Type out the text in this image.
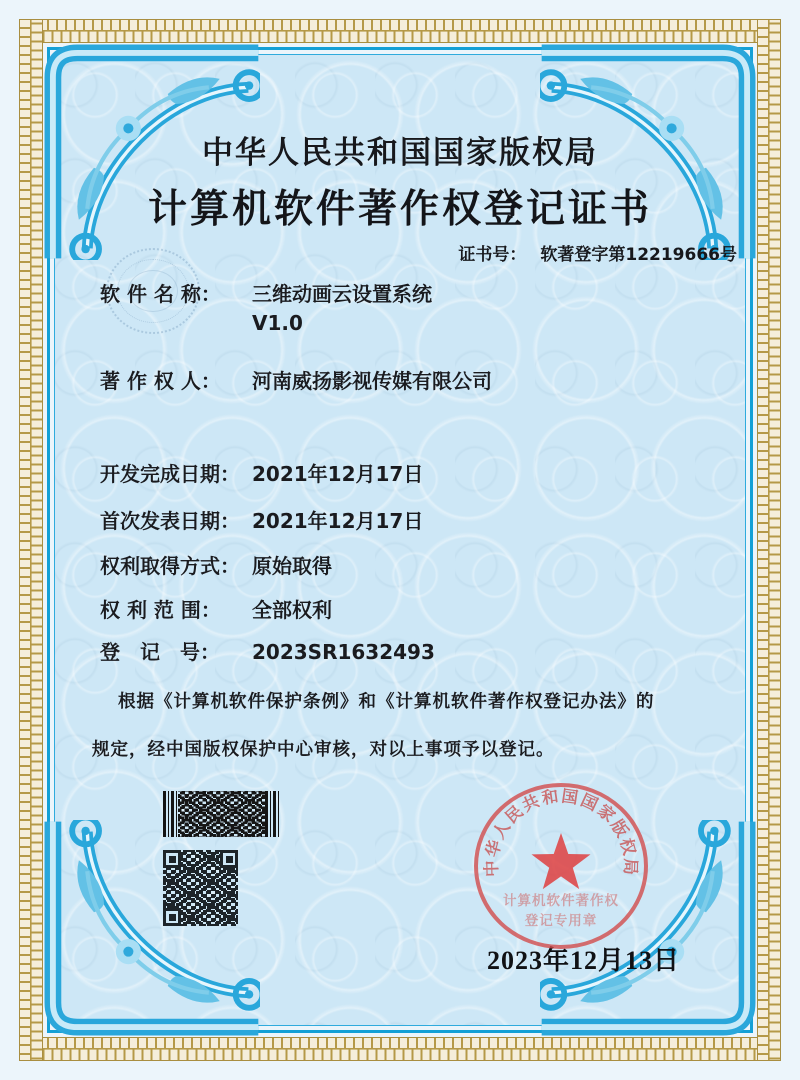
中华人民共和国国家版权局
计算机软件著作权登记证书
证书号： 软著登字第12219666号
软 件 名 称：	三维动画云设置系统
V1.0
著 作 权 人：	河南威扬影视传媒有限公司
开发完成日期： 2021年12月17日
首次发表日期： 2021年12月17日
权利取得方式： 原始取得
权 利 范 围：	全部权利
登　记　号：	2023SR1632493
根据《计算机软件保护条例》和《计算机软件著作权登记办法》的
规定，经中国版权保护中心审核，对以上事项予以登记。
2023年12月13日
中华人民共和国国家版权局
计算机软件著作权
登记专用章
